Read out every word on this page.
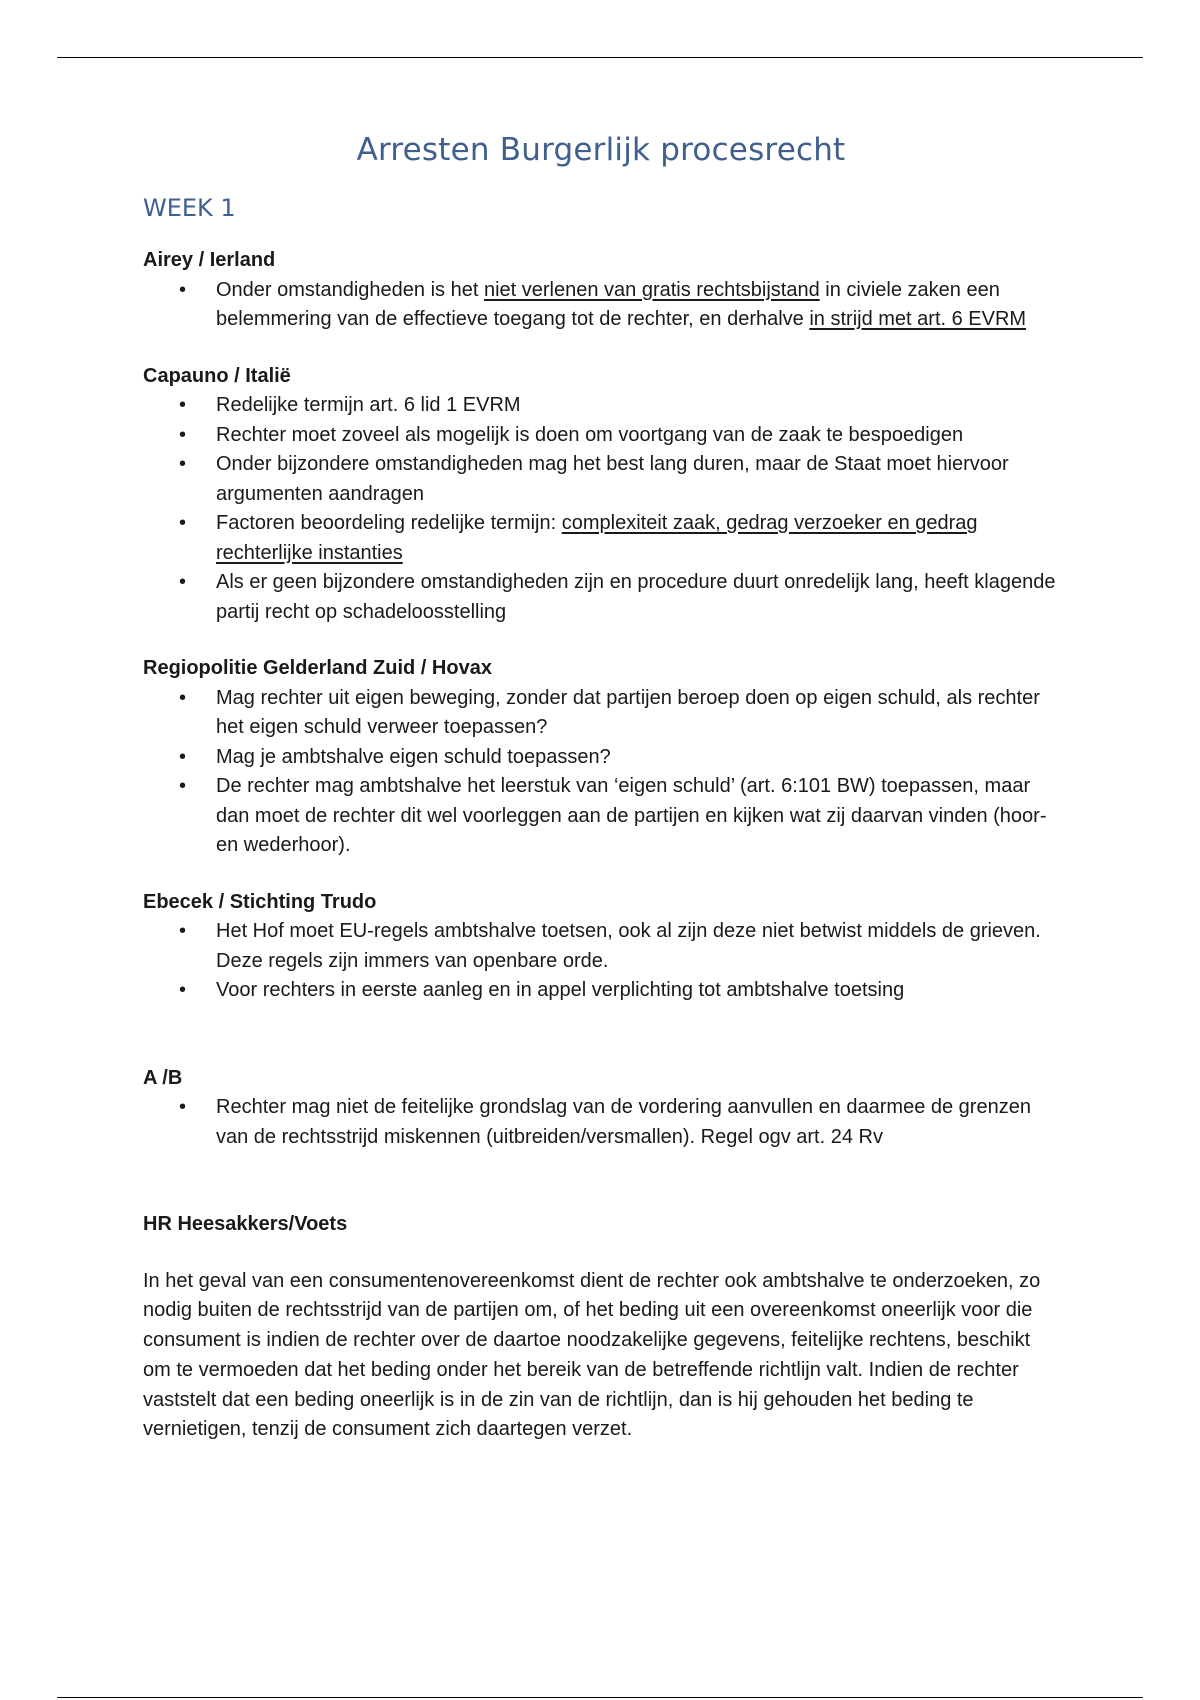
Arresten Burgerlijk procesrecht
WEEK 1
Airey / Ierland
• Onder omstandigheden is het niet verlenen van gratis rechtsbijstand in civiele zaken een belemmering van de effectieve toegang tot de rechter, en derhalve in strijd met art. 6 EVRM
Capauno / Italië
• Redelijke termijn art. 6 lid 1 EVRM
• Rechter moet zoveel als mogelijk is doen om voortgang van de zaak te bespoedigen
• Onder bijzondere omstandigheden mag het best lang duren, maar de Staat moet hiervoor argumenten aandragen
• Factoren beoordeling redelijke termijn: complexiteit zaak, gedrag verzoeker en gedrag rechterlijke instanties
• Als er geen bijzondere omstandigheden zijn en procedure duurt onredelijk lang, heeft klagende partij recht op schadeloosstelling
Regiopolitie Gelderland Zuid / Hovax
• Mag rechter uit eigen beweging, zonder dat partijen beroep doen op eigen schuld, als rechter het eigen schuld verweer toepassen?
• Mag je ambtshalve eigen schuld toepassen?
• De rechter mag ambtshalve het leerstuk van ‘eigen schuld’ (art. 6:101 BW) toepassen, maar dan moet de rechter dit wel voorleggen aan de partijen en kijken wat zij daarvan vinden (hoor- en wederhoor).
Ebecek / Stichting Trudo
• Het Hof moet EU-regels ambtshalve toetsen, ook al zijn deze niet betwist middels de grieven. Deze regels zijn immers van openbare orde.
• Voor rechters in eerste aanleg en in appel verplichting tot ambtshalve toetsing
A /B
• Rechter mag niet de feitelijke grondslag van de vordering aanvullen en daarmee de grenzen van de rechtsstrijd miskennen (uitbreiden/versmallen). Regel ogv art. 24 Rv
HR Heesakkers/Voets

In het geval van een consumentenovereenkomst dient de rechter ook ambtshalve te onderzoeken, zo nodig buiten de rechtsstrijd van de partijen om, of het beding uit een overeenkomst oneerlijk voor die consument is indien de rechter over de daartoe noodzakelijke gegevens, feitelijke rechtens, beschikt om te vermoeden dat het beding onder het bereik van de betreffende richtlijn valt. Indien de rechter vaststelt dat een beding oneerlijk is in de zin van de richtlijn, dan is hij gehouden het beding te vernietigen, tenzij de consument zich daartegen verzet.
